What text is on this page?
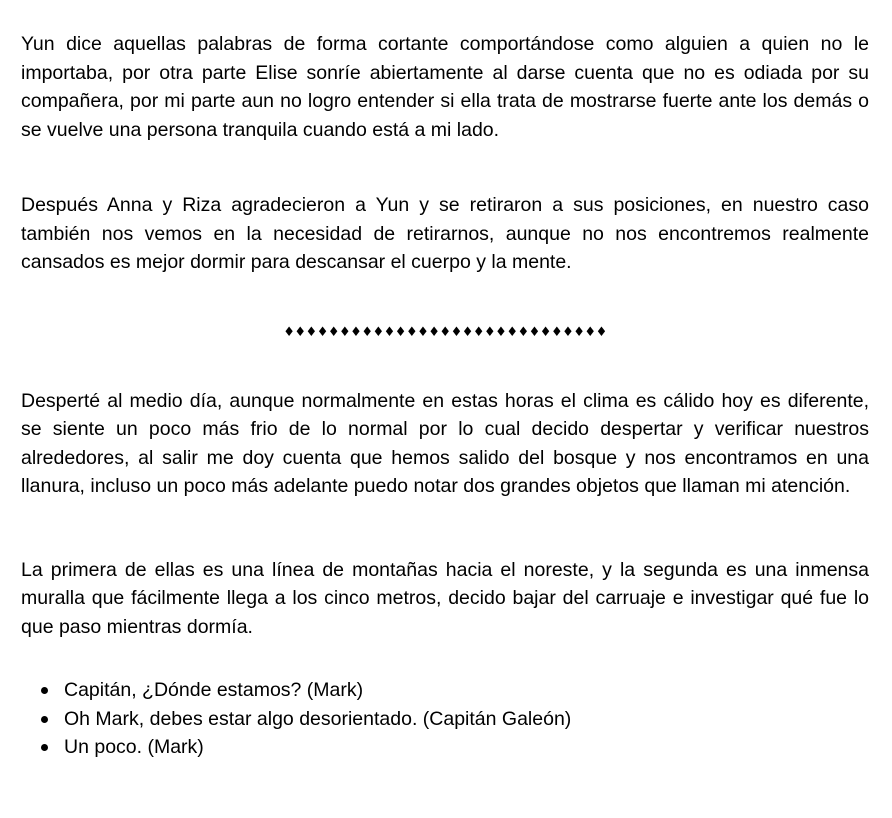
Yun dice aquellas palabras de forma cortante comportándose como alguien a quien no le importaba, por otra parte Elise sonríe abiertamente al darse cuenta que no es odiada por su compañera, por mi parte aun no logro entender si ella trata de mostrarse fuerte ante los demás o se vuelve una persona tranquila cuando está a mi lado.

Después Anna y Riza agradecieron a Yun y se retiraron a sus posiciones, en nuestro caso también nos vemos en la necesidad de retirarnos, aunque no nos encontremos realmente cansados es mejor dormir para descansar el cuerpo y la mente.

♦♦♦♦♦♦♦♦♦♦♦♦♦♦♦♦♦♦♦♦♦♦♦♦♦♦♦♦♦

Desperté al medio día, aunque normalmente en estas horas el clima es cálido hoy es diferente, se siente un poco más frio de lo normal por lo cual decido despertar y verificar nuestros alrededores, al salir me doy cuenta que hemos salido del bosque y nos encontramos en una llanura, incluso un poco más adelante puedo notar dos grandes objetos que llaman mi atención.

La primera de ellas es una línea de montañas hacia el noreste, y la segunda es una inmensa muralla que fácilmente llega a los cinco metros, decido bajar del carruaje e investigar qué fue lo que paso mientras dormía.

Capitán, ¿Dónde estamos? (Mark)
Oh Mark, debes estar algo desorientado. (Capitán Galeón)
Un poco. (Mark)
